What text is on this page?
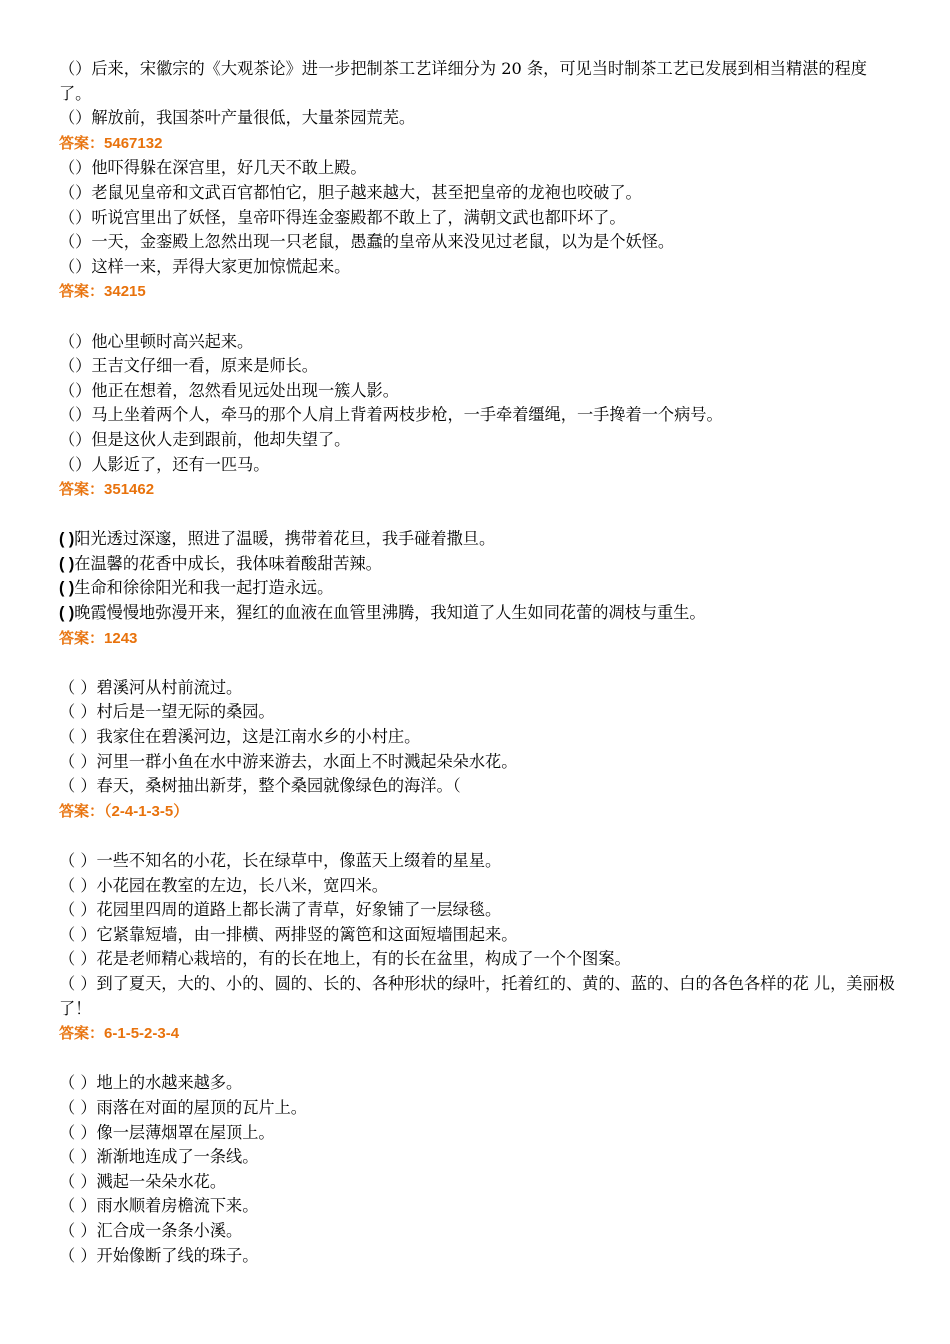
（）后来，宋徽宗的《大观茶论》进一步把制茶工艺详细分为 20 条，可见当时制茶工艺已发展到相当精湛的程度了。

（）解放前，我国茶叶产量很低，大量茶园荒芜。

答案：5467132

（）他吓得躲在深宫里，好几天不敢上殿。

（）老鼠见皇帝和文武百官都怕它，胆子越来越大，甚至把皇帝的龙袍也咬破了。

（）听说宫里出了妖怪，皇帝吓得连金銮殿都不敢上了，满朝文武也都吓坏了。

（）一天，金銮殿上忽然出现一只老鼠，愚蠢的皇帝从来没见过老鼠，以为是个妖怪。

（）这样一来，弄得大家更加惊慌起来。

答案：34215

（）他心里顿时高兴起来。

（）王吉文仔细一看，原来是师长。

（）他正在想着，忽然看见远处出现一簇人影。

（）马上坐着两个人，牵马的那个人肩上背着两枝步枪，一手牵着缰绳，一手搀着一个病号。

（）但是这伙人走到跟前，他却失望了。

（）人影近了，还有一匹马。

答案：351462

( )阳光透过深邃，照进了温暖，携带着花旦，我手碰着撒旦。

( )在温馨的花香中成长，我体味着酸甜苦辣。

( )生命和徐徐阳光和我一起打造永远。

( )晚霞慢慢地弥漫开来，猩红的血液在血管里沸腾，我知道了人生如同花蕾的凋枝与重生。

答案：1243

（ ）碧溪河从村前流过。

（ ）村后是一望无际的桑园。

（ ）我家住在碧溪河边，这是江南水乡的小村庄。

（ ）河里一群小鱼在水中游来游去，水面上不时溅起朵朵水花。

（ ）春天，桑树抽出新芽，整个桑园就像绿色的海洋。（

答案：（2-4-1-3-5）

（ ）一些不知名的小花，长在绿草中，像蓝天上缀着的星星。

（ ）小花园在教室的左边，长八米，宽四米。

（ ）花园里四周的道路上都长满了青草，好象铺了一层绿毯。

（ ）它紧靠短墙，由一排横、两排竖的篱笆和这面短墙围起来。

（ ）花是老师精心栽培的，有的长在地上，有的长在盆里，构成了一个个图案。

（ ）到了夏天，大的、小的、圆的、长的、各种形状的绿叶，托着红的、黄的、蓝的、白的各色各样的花 儿，美丽极了！

答案：6-1-5-2-3-4

（ ）地上的水越来越多。

（ ）雨落在对面的屋顶的瓦片上。

（ ）像一层薄烟罩在屋顶上。

（ ）渐渐地连成了一条线。

（ ）溅起一朵朵水花。

（ ）雨水顺着房檐流下来。

（ ）汇合成一条条小溪。

（ ）开始像断了线的珠子。
